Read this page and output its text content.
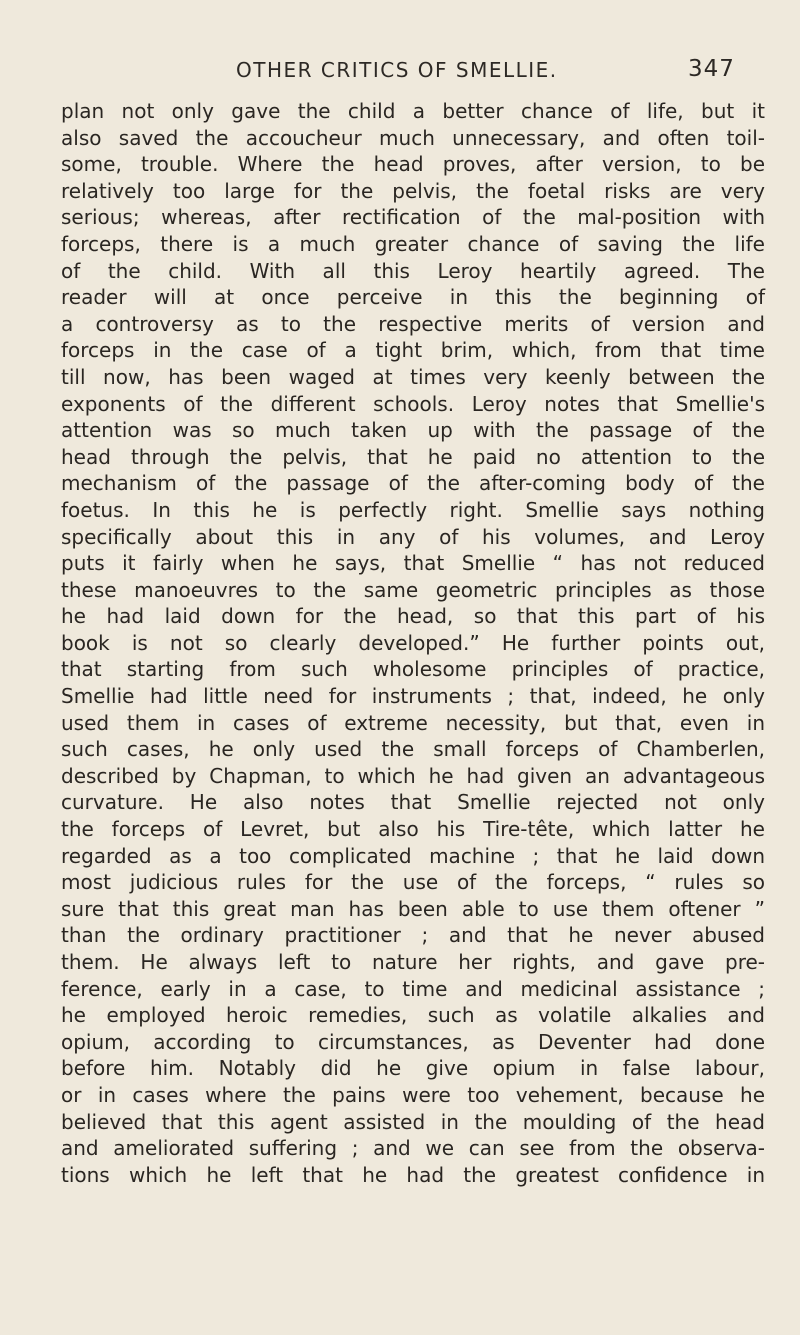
OTHER CRITICS OF SMELLIE.	347
plan not only gave the child a better chance of life, but it
also saved the accoucheur much unnecessary, and often toil-
some, trouble. Where the head proves, after version, to be
relatively too large for the pelvis, the foetal risks are very
serious; whereas, after rectification of the mal-position with
forceps, there is a much greater chance of saving the life
of the child. With all this Leroy heartily agreed. The
reader will at once perceive in this the beginning of
a controversy as to the respective merits of version and
forceps in the case of a tight brim, which, from that time
till now, has been waged at times very keenly between the
exponents of the different schools. Leroy notes that Smellie's
attention was so much taken up with the passage of the
head through the pelvis, that he paid no attention to the
mechanism of the passage of the after-coming body of the
foetus. In this he is perfectly right. Smellie says nothing
specifically about this in any of his volumes, and Leroy
puts it fairly when he says, that Smellie “ has not reduced
these manoeuvres to the same geometric principles as those
he had laid down for the head, so that this part of his
book is not so clearly developed.” He further points out,
that starting from such wholesome principles of practice,
Smellie had little need for instruments ; that, indeed, he only
used them in cases of extreme necessity, but that, even in
such cases, he only used the small forceps of Chamberlen,
described by Chapman, to which he had given an advantageous
curvature. He also notes that Smellie rejected not only
the forceps of Levret, but also his Tire-tête, which latter he
regarded as a too complicated machine ; that he laid down
most judicious rules for the use of the forceps, “ rules so
sure that this great man has been able to use them oftener ”
than the ordinary practitioner ; and that he never abused
them. He always left to nature her rights, and gave pre-
ference, early in a case, to time and medicinal assistance ;
he employed heroic remedies, such as volatile alkalies and
opium, according to circumstances, as Deventer had done
before him. Notably did he give opium in false labour,
or in cases where the pains were too vehement, because he
believed that this agent assisted in the moulding of the head
and ameliorated suffering ; and we can see from the observa-
tions which he left that he had the greatest confidence in
